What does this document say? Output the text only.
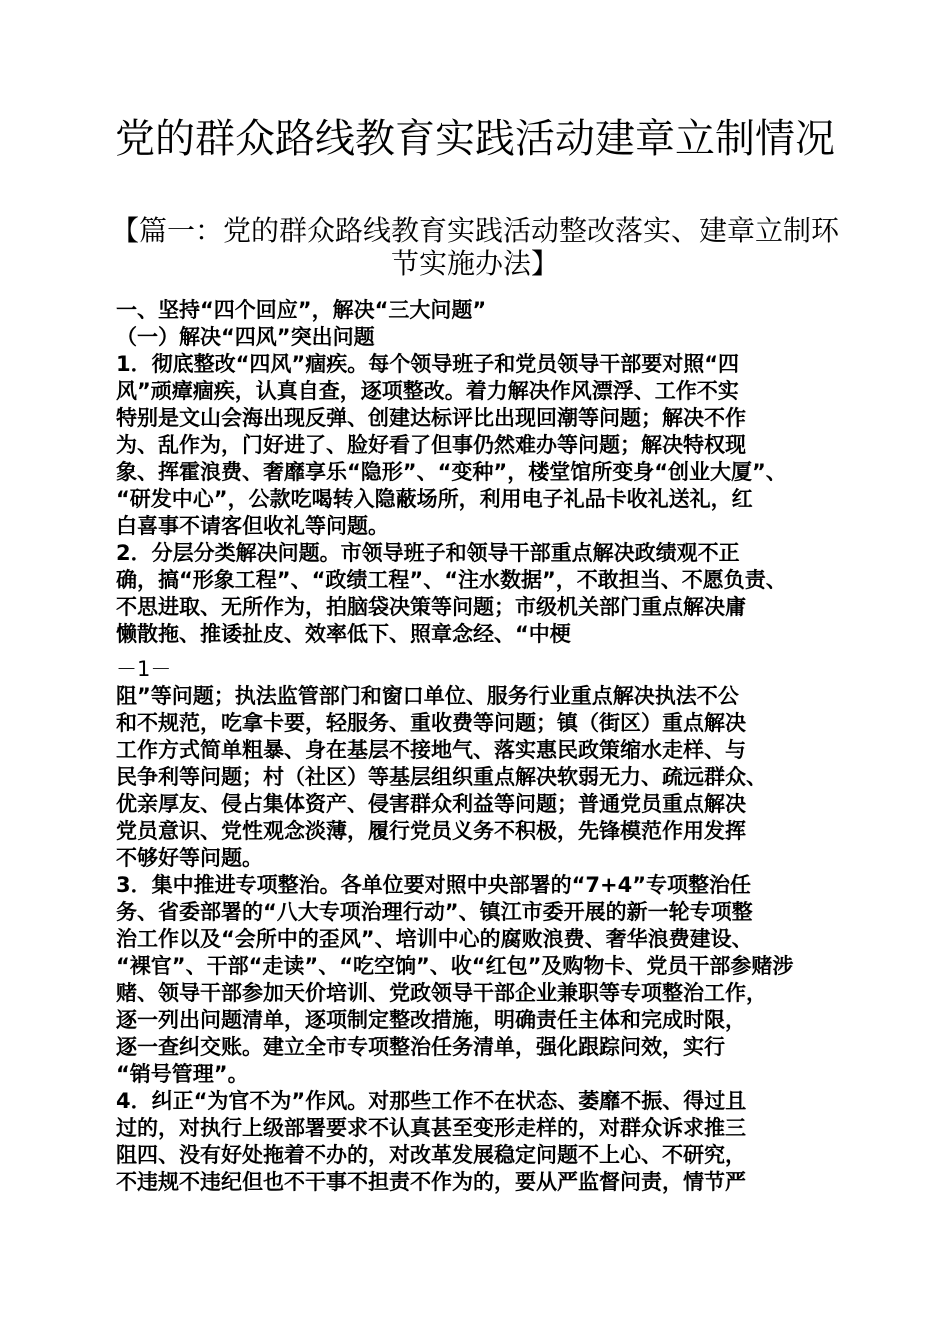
党的群众路线教育实践活动建章立制情况
【篇一：党的群众路线教育实践活动整改落实、建章立制环节实施办法】
一、坚持“四个回应”，解决“三大问题”
（一）解决“四风”突出问题
1．彻底整改“四风”痼疾。每个领导班子和党员领导干部要对照“四
风”顽瘴痼疾，认真自查，逐项整改。着力解决作风漂浮、工作不实
特别是文山会海出现反弹、创建达标评比出现回潮等问题；解决不作
为、乱作为，门好进了、脸好看了但事仍然难办等问题；解决特权现
象、挥霍浪费、奢靡享乐“隐形”、“变种”，楼堂馆所变身“创业大厦”、
“研发中心”，公款吃喝转入隐蔽场所，利用电子礼品卡收礼送礼，红
白喜事不请客但收礼等问题。
2．分层分类解决问题。市领导班子和领导干部重点解决政绩观不正
确，搞“形象工程”、“政绩工程”、“注水数据”，不敢担当、不愿负责、
不思进取、无所作为，拍脑袋决策等问题；市级机关部门重点解决庸
懒散拖、推诿扯皮、效率低下、照章念经、“中梗
－1－
阻”等问题；执法监管部门和窗口单位、服务行业重点解决执法不公
和不规范，吃拿卡要，轻服务、重收费等问题；镇（街区）重点解决
工作方式简单粗暴、身在基层不接地气、落实惠民政策缩水走样、与
民争利等问题；村（社区）等基层组织重点解决软弱无力、疏远群众、
优亲厚友、侵占集体资产、侵害群众利益等问题；普通党员重点解决
党员意识、党性观念淡薄，履行党员义务不积极，先锋模范作用发挥
不够好等问题。
3．集中推进专项整治。各单位要对照中央部署的“7+4”专项整治任
务、省委部署的“八大专项治理行动”、镇江市委开展的新一轮专项整
治工作以及“会所中的歪风”、培训中心的腐败浪费、奢华浪费建设、
“裸官”、干部“走读”、“吃空饷”、收“红包”及购物卡、党员干部参赌涉
赌、领导干部参加天价培训、党政领导干部企业兼职等专项整治工作，
逐一列出问题清单，逐项制定整改措施，明确责任主体和完成时限，
逐一查纠交账。建立全市专项整治任务清单，强化跟踪问效，实行
“销号管理”。
4．纠正“为官不为”作风。对那些工作不在状态、萎靡不振、得过且
过的，对执行上级部署要求不认真甚至变形走样的，对群众诉求推三
阻四、没有好处拖着不办的，对改革发展稳定问题不上心、不研究，
不违规不违纪但也不干事不担责不作为的，要从严监督问责，情节严
